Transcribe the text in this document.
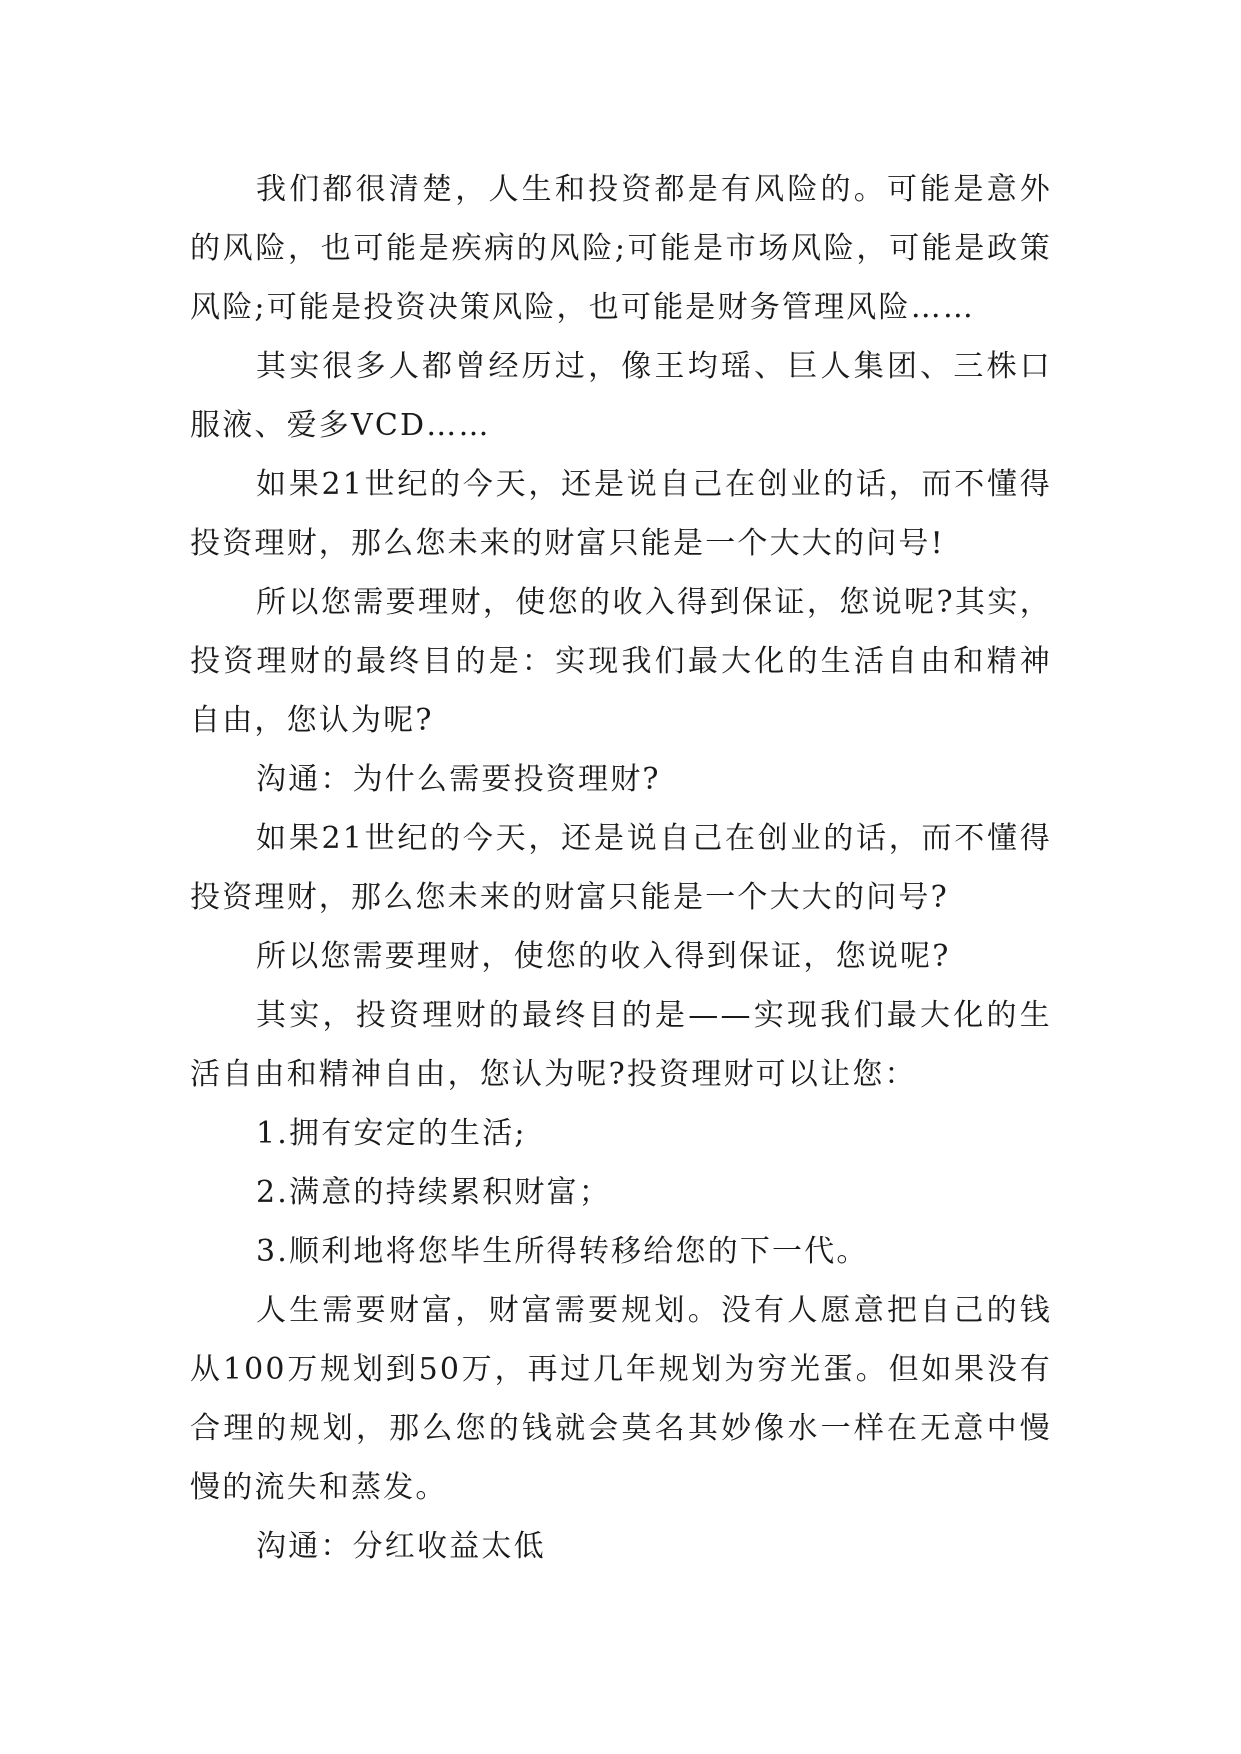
我们都很清楚，人生和投资都是有风险的。可能是意外的风险，也可能是疾病的风险;可能是市场风险，可能是政策风险;可能是投资决策风险，也可能是财务管理风险……

其实很多人都曾经历过，像王均瑶、巨人集团、三株口服液、爱多VCD……

如果21世纪的今天，还是说自己在创业的话，而不懂得投资理财，那么您未来的财富只能是一个大大的问号!

所以您需要理财，使您的收入得到保证，您说呢?其实，投资理财的最终目的是：实现我们最大化的生活自由和精神自由，您认为呢?

沟通：为什么需要投资理财?

如果21世纪的今天，还是说自己在创业的话，而不懂得投资理财，那么您未来的财富只能是一个大大的问号?

所以您需要理财，使您的收入得到保证，您说呢?

其实，投资理财的最终目的是——实现我们最大化的生活自由和精神自由，您认为呢?投资理财可以让您：

1.拥有安定的生活;

2.满意的持续累积财富；

3.顺利地将您毕生所得转移给您的下一代。

人生需要财富，财富需要规划。没有人愿意把自己的钱从100万规划到50万，再过几年规划为穷光蛋。但如果没有合理的规划，那么您的钱就会莫名其妙像水一样在无意中慢慢的流失和蒸发。

沟通：分红收益太低
